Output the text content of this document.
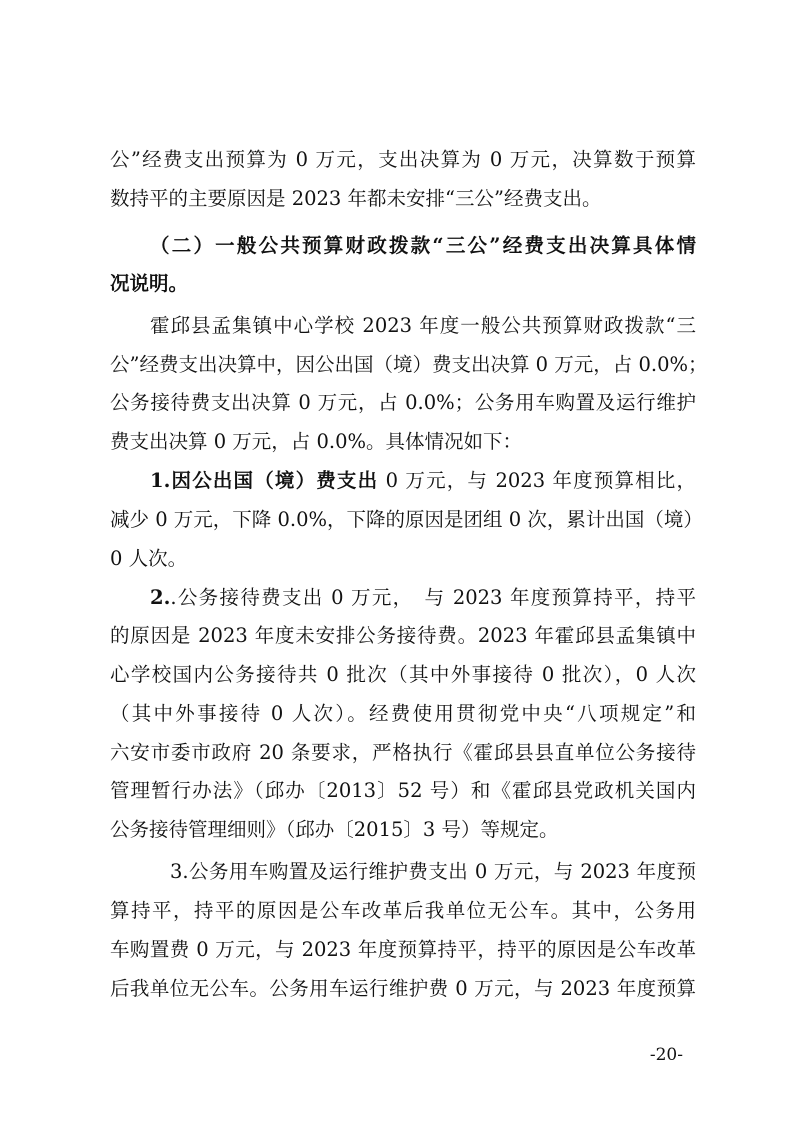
公”经费支出预算为 0 万元，支出决算为 0 万元，决算数于预算
数持平的主要原因是 2023 年都未安排“三公”经费支出。
（二）一般公共预算财政拨款“三公”经费支出决算具体情
况说明。
霍邱县孟集镇中心学校 2023 年度一般公共预算财政拨款“三
公”经费支出决算中，因公出国（境）费支出决算 0 万元，占 0.0%；
公务接待费支出决算 0 万元，占 0.0%；公务用车购置及运行维护
费支出决算 0 万元，占 0.0%。具体情况如下：
1.因公出国（境）费支出 0 万元，与 2023 年度预算相比，
减少 0 万元，下降 0.0%，下降的原因是团组 0 次，累计出国（境）
0 人次。
2..公务接待费支出 0 万元，　与 2023 年度预算持平，持平
的原因是 2023 年度未安排公务接待费。2023 年霍邱县孟集镇中
心学校国内公务接待共 0 批次（其中外事接待 0 批次），0 人次
（其中外事接待 0 人次）。经费使用贯彻党中央“八项规定”和
六安市委市政府 20 条要求，严格执行《霍邱县县直单位公务接待
管理暂行办法》（邱办〔2013〕52 号）和《霍邱县党政机关国内
公务接待管理细则》（邱办〔2015〕3 号）等规定。
3.公务用车购置及运行维护费支出 0 万元，与 2023 年度预
算持平，持平的原因是公车改革后我单位无公车。其中，公务用
车购置费 0 万元，与 2023 年度预算持平，持平的原因是公车改革
后我单位无公车。公务用车运行维护费 0 万元，与 2023 年度预算
-20-
